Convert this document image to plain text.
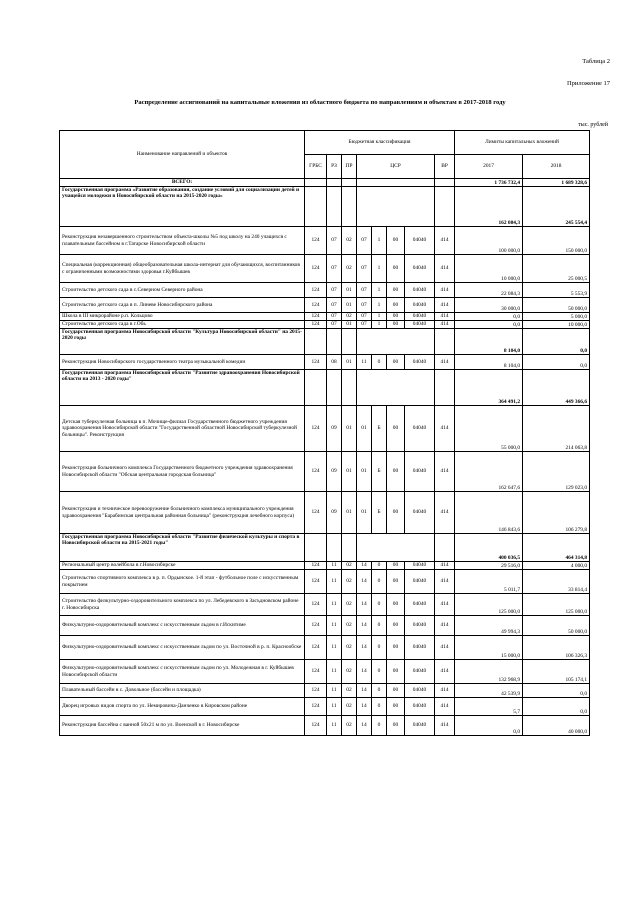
Таблица 2
Приложение 17
Распределение ассигнований на капитальные вложения из областного бюджета по направлениям и объектам в 2017-2018 году
тыс. рублей
Наименование направлений и объектов	Бюджетная классификация								Лимиты капитальных вложений	
	ГРБС	РЗ	ПР	ЦСР				ВР	2017	2018
ВСЕГО:									1 736 732,4	1 689 328,6
Государственная программа «Развитие образования, создание условий для социализации детей и учащейся молодежи в Новосибирской области на 2015-2020 годы»									162 084,3	245 554,4
Реконструкция незавершенного строительством объекта-школы №5 под школу на 240 учащихся с плавательным бассейном в г.Татарске Новосибирской области	124	07	02	07	1	00	04040	414	100 000,0	150 000,0
Специальная (коррекционная) общеобразовательная школа-интернат для обучающихся, воспитанников с ограниченными возможностями здоровья г.Куйбышев	124	07	02	07	1	00	04040	414	10 000,0	25 000,5
Строительство детского сада в с.Северном Северного района	124	07	01	07	1	00	04040	414	22 084,3	5 553,9
Строительство детского сада в п. Линеве Новосибирского района	124	07	01	07	1	00	04040	414	30 000,0	50 000,0
Школа в III микрорайоне р.п. Кольцово	124	07	02	07	1	00	04040	414	0,0	5 000,0
Строительство детского сада в г.Обь	124	07	01	07	1	00	04040	414	0,0	10 000,0
Государственная программа Новосибирской области "Культура Новосибирской области" на 2015-2020 годы									8 104,0	0,0
Реконструкция Новосибирского государственного театра музыкальной комедии	124	08	01	11	0	00	04040	414	8 104,0	0,0
Государственная программа Новосибирской области "Развитие здравоохранения Новосибирской области на 2013 - 2020 годы"									364 491,2	449 366,6
Детская туберкулезная больница в п. Мочище-филиал Государственного бюджетного учреждения здравоохранения Новосибирской области "Государственной областной Новосибирской туберкулезной больницы". Реконструкция	124	09	01	01	Б	00	04040	414	55 000,0	214 063,8
Реконструкция больничного комплекса Государственного бюджетного учреждения здравоохранения Новосибирской области "Обская центральная городская больница"	124	09	01	01	Б	00	04040	414	162 647,6	129 023,0
Реконструкция и техническое перевооружение больничного комплекса муниципального учреждения здравоохранения "Барабинская центральная районная больница" (реконструкция лечебного корпуса)	124	09	01	01	Б	00	04040	414	146 843,6	106 279,8
Государственная программа Новосибирской области "Развитие физической культуры и спорта в Новосибирской области на 2015-2021 годы"									400 036,5	464 314,8
Региональный центр волейбола в г.Новосибирске	124	11	02	14	0	00	04040	414	29 516,0	4 000,0
Строительство спортивного комплекса в р. п. Ордынское. 1-й этап - футбольное поле с искусственным покрытием	124	11	02	14	0	00	04040	414	5 011,7	33 814,4
Строительство физкультурно-оздоровительного комплекса по ул. Лебедевского в Засъдновском районе г. Новосибирска	124	11	02	14	0	00	04040	414	125 000,0	125 000,0
Физкультурно-оздоровительный комплекс с искусственным льдом в г.Искитиме	124	11	02	14	0	00	04040	414	49 994,3	50 000,0
Физкультурно-оздоровительный комплекс с искусственным льдом по ул. Восточной в р. п. Краснообске	124	11	02	14	0	00	04040	414	15 000,0	106 326,3
Физкультурно-оздоровительный комплекс с искусственным льдом по ул. Молодежная в г. Куйбышев Новосибирской области	124	11	02	14	0	00	04040	414	132 968,9	105 174,1
Плавательный бассейн в с. Довольное (бассейн и площадка)	124	11	02	14	0	00	04040	414	42 539,9	0,0
Дворец игровых видов спорта по ул. Немировича-Данченко в Кировском районе	124	11	02	14	0	00	04040	414	5,7	0,0
Реконструкция бассейна с ванной 50x21 м по ул. Военской в г. Новосибирске	124	11	02	14	0	00	04040	414	0,0	40 000,0
